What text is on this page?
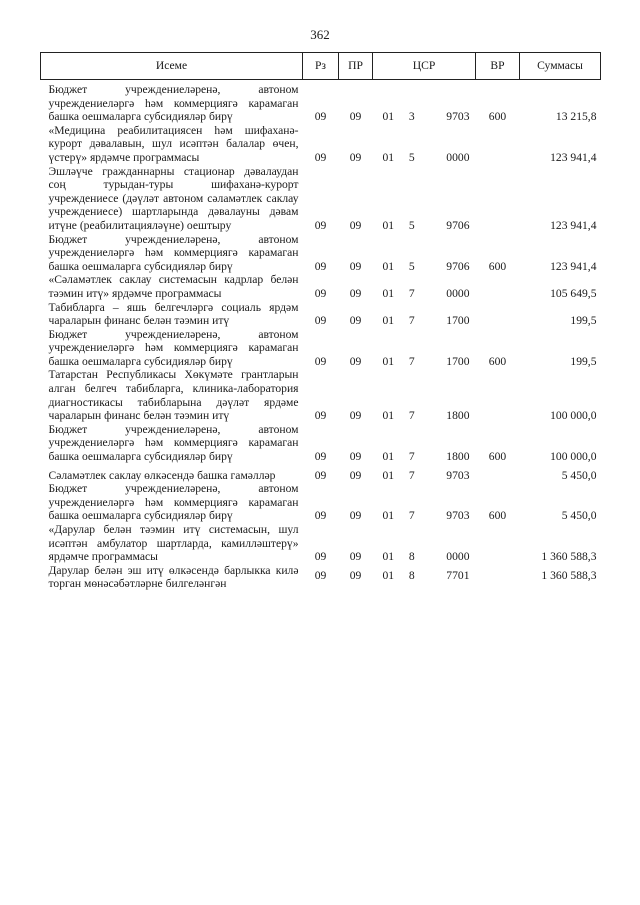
362
Исеме	Рз	ПР	ЦСР	ВР	Суммасы
Бюджет учреждениеләренә, автоном учреждениеләргә һәм коммерциягә карамаган башка оешмаларга субсидияләр бирү	09	09	01 3 9703	600	13 215,8
«Медицина реабилитациясен һәм шифаханә-курорт дәвалавын, шул исәптән балалар өчен, үстерү» ярдәмче программасы	09	09	01 5 0000		123 941,4
Эшләүче гражданнарны стационар дәвалаудан соң турыдан-туры шифаханә-курорт учреждениесе (дәүләт автоном сәламәтлек саклау учреждениесе) шартларында дәвалауны дәвам итүне (реабилитацияләүне) оештыру	09	09	01 5 9706		123 941,4
Бюджет учреждениеләренә, автоном учреждениеләргә һәм коммерциягә карамаган башка оешмаларга субсидияләр бирү	09	09	01 5 9706	600	123 941,4
«Сәламәтлек саклау системасын кадрлар белән тәэмин итү» ярдәмче программасы	09	09	01 7 0000		105 649,5
Табибларга – яшь белгечләргә социаль ярдәм чараларын финанс белән тәэмин итү	09	09	01 7 1700		199,5
Бюджет учреждениеләренә, автоном учреждениеләргә һәм коммерциягә карамаган башка оешмаларга субсидияләр бирү	09	09	01 7 1700	600	199,5
Татарстан Республикасы Хөкүмәте грантларын алган белгеч табибларга, клиника-лаборатория диагностикасы табибларына дәүләт ярдәме чараларын финанс белән тәэмин итү	09	09	01 7 1800		100 000,0
Бюджет учреждениеләренә, автоном учреждениеләргә һәм коммерциягә карамаган башка оешмаларга субсидияләр бирү	09	09	01 7 1800	600	100 000,0
Сәламәтлек саклау өлкәсендә башка гамәлләр	09	09	01 7 9703		5 450,0
Бюджет учреждениеләренә, автоном учреждениеләргә һәм коммерциягә карамаган башка оешмаларга субсидияләр бирү	09	09	01 7 9703	600	5 450,0
«Дарулар белән тәэмин итү системасын, шул исәптән амбулатор шартларда, камилләштерү» ярдәмче программасы	09	09	01 8 0000		1 360 588,3
Дарулар белән эш итү өлкәсендә барлыкка килә торган мөнәсәбәтләрне билгеләнгән	09	09	01 8 7701		1 360 588,3
